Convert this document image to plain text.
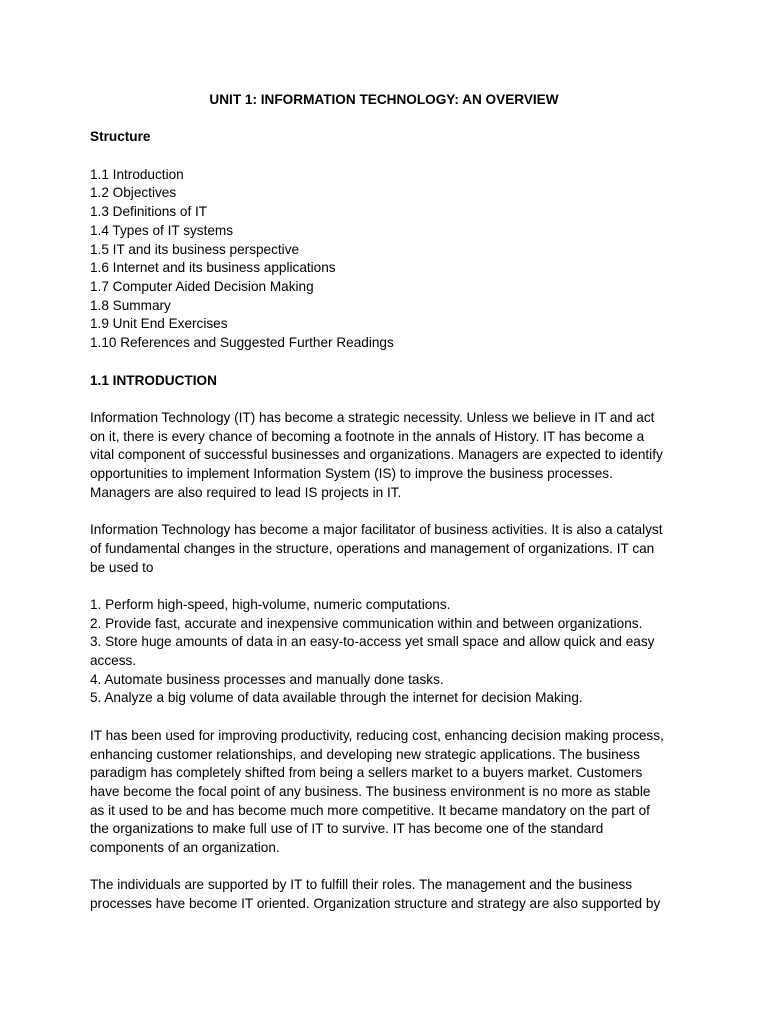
UNIT 1: INFORMATION TECHNOLOGY: AN OVERVIEW

Structure

1.1 Introduction
1.2 Objectives
1.3 Definitions of IT
1.4 Types of IT systems
1.5 IT and its business perspective
1.6 Internet and its business applications
1.7 Computer Aided Decision Making
1.8 Summary
1.9 Unit End Exercises
1.10 References and Suggested Further Readings

1.1 INTRODUCTION

Information Technology (IT) has become a strategic necessity. Unless we believe in IT and act
on it, there is every chance of becoming a footnote in the annals of History. IT has become a
vital component of successful businesses and organizations. Managers are expected to identify
opportunities to implement Information System (IS) to improve the business processes.
Managers are also required to lead IS projects in IT.
Information Technology has become a major facilitator of business activities. It is also a catalyst
of fundamental changes in the structure, operations and management of organizations. IT can
be used to
1. Perform high-speed, high-volume, numeric computations.
2. Provide fast, accurate and inexpensive communication within and between organizations.
3. Store huge amounts of data in an easy-to-access yet small space and allow quick and easy
access.
4. Automate business processes and manually done tasks.
5. Analyze a big volume of data available through the internet for decision Making.
IT has been used for improving productivity, reducing cost, enhancing decision making process,
enhancing customer relationships, and developing new strategic applications. The business
paradigm has completely shifted from being a sellers market to a buyers market. Customers
have become the focal point of any business. The business environment is no more as stable
as it used to be and has become much more competitive. It became mandatory on the part of
the organizations to make full use of IT to survive. IT has become one of the standard
components of an organization.
The individuals are supported by IT to fulfill their roles. The management and the business
processes have become IT oriented. Organization structure and strategy are also supported by
